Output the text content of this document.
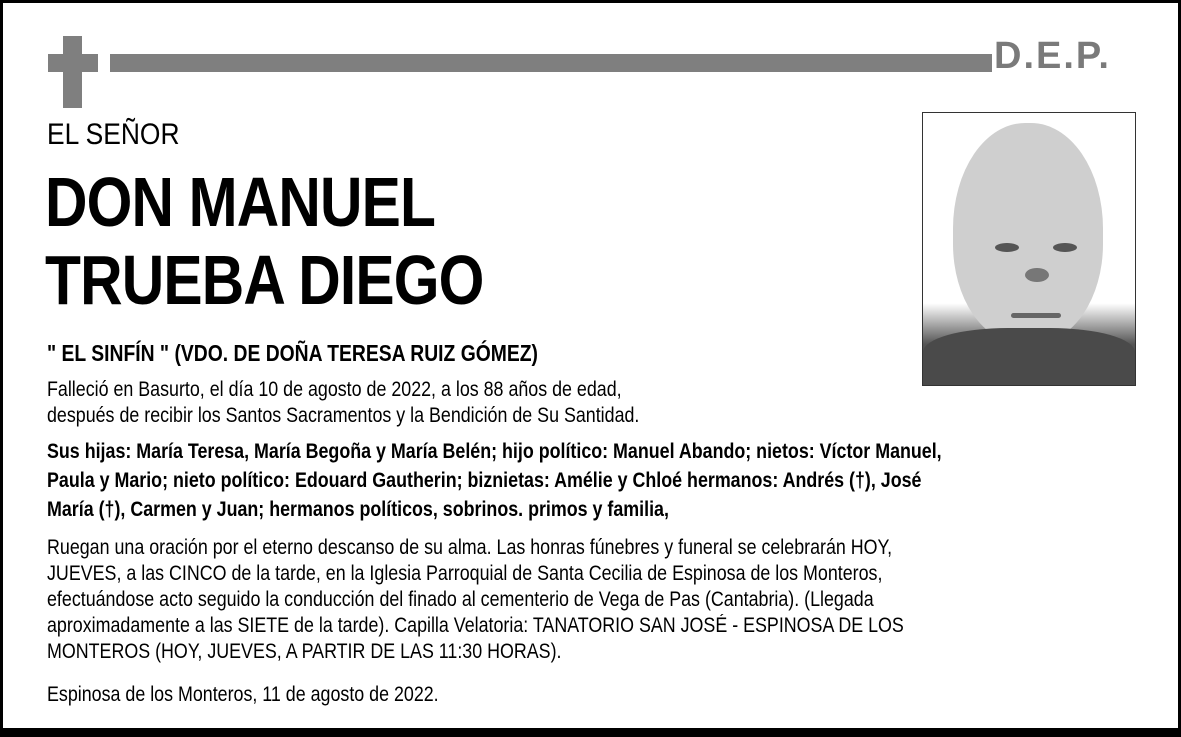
D.E.P.
EL SEÑOR
DON MANUEL
TRUEBA DIEGO
" EL SINFÍN " (VDO. DE DOÑA TERESA RUIZ GÓMEZ)
Falleció en Basurto, el día 10 de agosto de 2022, a los 88 años de edad,
después de recibir los Santos Sacramentos y la Bendición de Su Santidad.
Sus hijas: María Teresa, María Begoña y María Belén; hijo político: Manuel Abando; nietos: Víctor Manuel,
Paula y Mario; nieto político: Edouard Gautherin; biznietas: Amélie y Chloé hermanos: Andrés (†), José
María (†), Carmen y Juan; hermanos políticos, sobrinos. primos y familia,
Ruegan una oración por el eterno descanso de su alma. Las honras fúnebres y funeral se celebrarán HOY,
JUEVES, a las CINCO de la tarde, en la Iglesia Parroquial de Santa Cecilia de Espinosa de los Monteros,
efectuándose acto seguido la conducción del finado al cementerio de Vega de Pas (Cantabria). (Llegada
aproximadamente a las SIETE de la tarde). Capilla Velatoria: TANATORIO SAN JOSÉ - ESPINOSA DE LOS
MONTEROS (HOY, JUEVES, A PARTIR DE LAS 11:30 HORAS).
Espinosa de los Monteros, 11 de agosto de 2022.
